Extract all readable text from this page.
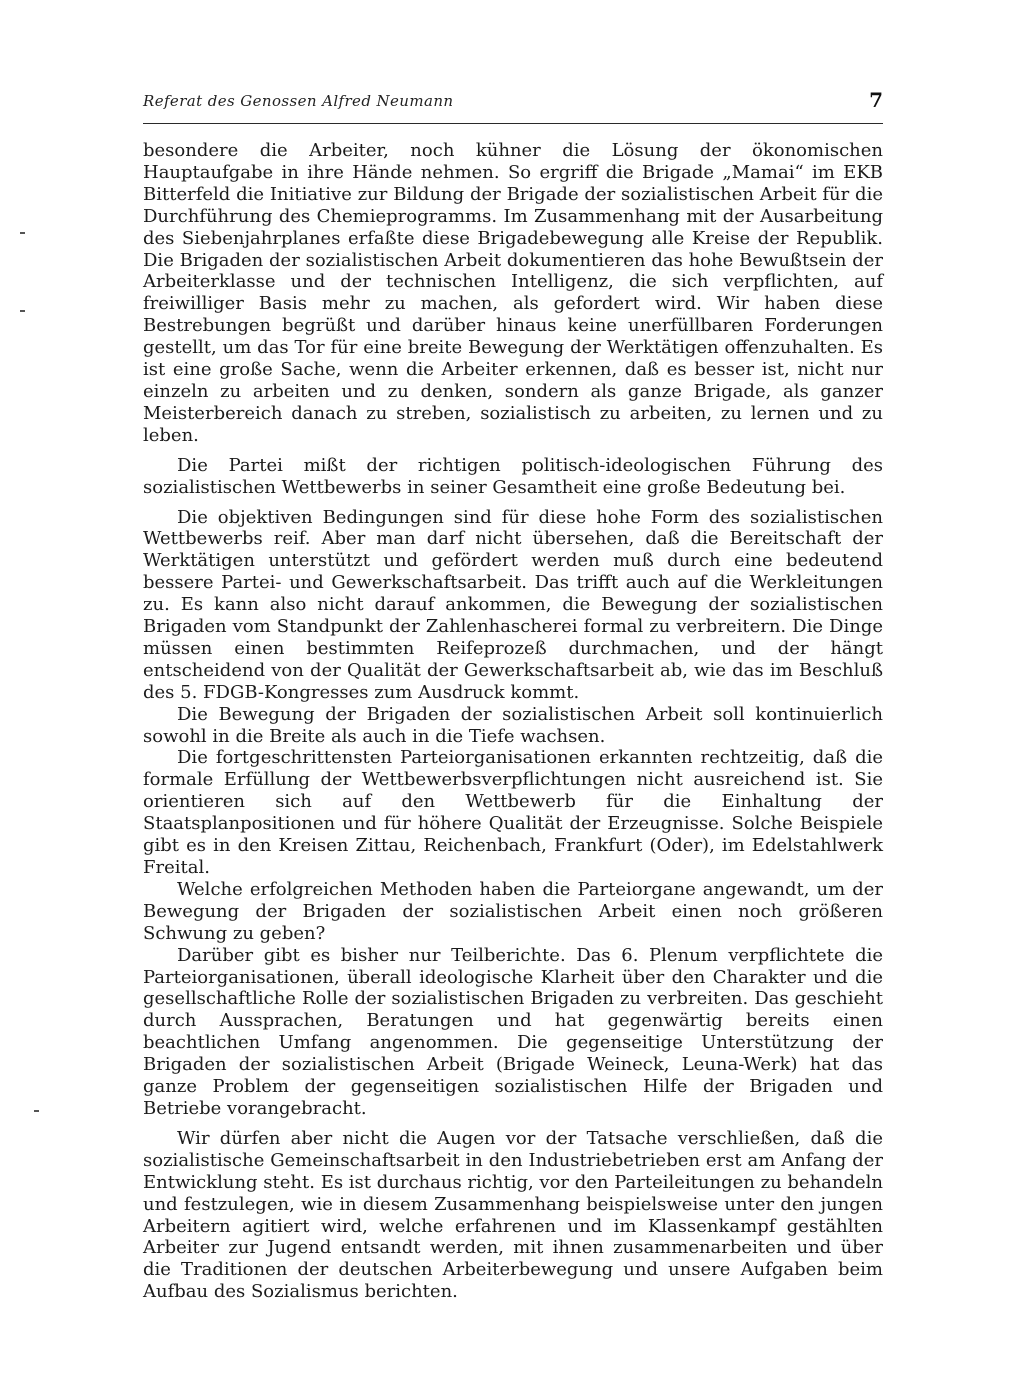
Referat des Genossen Alfred Neumann	7

besondere die Arbeiter, noch kühner die Lösung der ökonomischen Hauptaufgabe in ihre Hände nehmen. So ergriff die Brigade „Mamai“ im EKB Bitterfeld die Initiative zur Bildung der Brigade der sozialistischen Arbeit für die Durchführung des Chemieprogramms. Im Zusammenhang mit der Ausarbeitung des Siebenjahrplanes erfaßte diese Brigadebewegung alle Kreise der Republik. Die Brigaden der sozialistischen Arbeit dokumentieren das hohe Bewußtsein der Arbeiterklasse und der technischen Intelligenz, die sich verpflichten, auf freiwilliger Basis mehr zu machen, als gefordert wird. Wir haben diese Bestrebungen begrüßt und darüber hinaus keine unerfüllbaren Forderungen gestellt, um das Tor für eine breite Bewegung der Werktätigen offenzuhalten. Es ist eine große Sache, wenn die Arbeiter erkennen, daß es besser ist, nicht nur einzeln zu arbeiten und zu denken, sondern als ganze Brigade, als ganzer Meisterbereich danach zu streben, sozialistisch zu arbeiten, zu lernen und zu leben.

Die Partei mißt der richtigen politisch-ideologischen Führung des sozialistischen Wettbewerbs in seiner Gesamtheit eine große Bedeutung bei.

Die objektiven Bedingungen sind für diese hohe Form des sozialistischen Wettbewerbs reif. Aber man darf nicht übersehen, daß die Bereitschaft der Werktätigen unterstützt und gefördert werden muß durch eine bedeutend bessere Partei- und Gewerkschaftsarbeit. Das trifft auch auf die Werkleitungen zu. Es kann also nicht darauf ankommen, die Bewegung der sozialistischen Brigaden vom Standpunkt der Zahlenhascherei formal zu verbreitern. Die Dinge müssen einen bestimmten Reifeprozeß durchmachen, und der hängt entscheidend von der Qualität der Gewerkschaftsarbeit ab, wie das im Beschluß des 5. FDGB-Kongresses zum Ausdruck kommt.

Die Bewegung der Brigaden der sozialistischen Arbeit soll kontinuierlich sowohl in die Breite als auch in die Tiefe wachsen.

Die fortgeschrittensten Parteiorganisationen erkannten rechtzeitig, daß die formale Erfüllung der Wettbewerbsverpflichtungen nicht ausreichend ist. Sie orientieren sich auf den Wettbewerb für die Einhaltung der Staatsplanpositionen und für höhere Qualität der Erzeugnisse. Solche Beispiele gibt es in den Kreisen Zittau, Reichenbach, Frankfurt (Oder), im Edelstahlwerk Freital.

Welche erfolgreichen Methoden haben die Parteiorgane angewandt, um der Bewegung der Brigaden der sozialistischen Arbeit einen noch größeren Schwung zu geben?

Darüber gibt es bisher nur Teilberichte. Das 6. Plenum verpflichtete die Parteiorganisationen, überall ideologische Klarheit über den Charakter und die gesellschaftliche Rolle der sozialistischen Brigaden zu verbreiten. Das geschieht durch Aussprachen, Beratungen und hat gegenwärtig bereits einen beachtlichen Umfang angenommen. Die gegenseitige Unterstützung der Brigaden der sozialistischen Arbeit (Brigade Weineck, Leuna-Werk) hat das ganze Problem der gegenseitigen sozialistischen Hilfe der Brigaden und Betriebe vorangebracht.

Wir dürfen aber nicht die Augen vor der Tatsache verschließen, daß die sozialistische Gemeinschaftsarbeit in den Industriebetrieben erst am Anfang der Entwicklung steht. Es ist durchaus richtig, vor den Parteileitungen zu behandeln und festzulegen, wie in diesem Zusammenhang beispielsweise unter den jungen Arbeitern agitiert wird, welche erfahrenen und im Klassenkampf gestählten Arbeiter zur Jugend entsandt werden, mit ihnen zusammenarbeiten und über die Traditionen der deutschen Arbeiterbewegung und unsere Aufgaben beim Aufbau des Sozialismus berichten.
